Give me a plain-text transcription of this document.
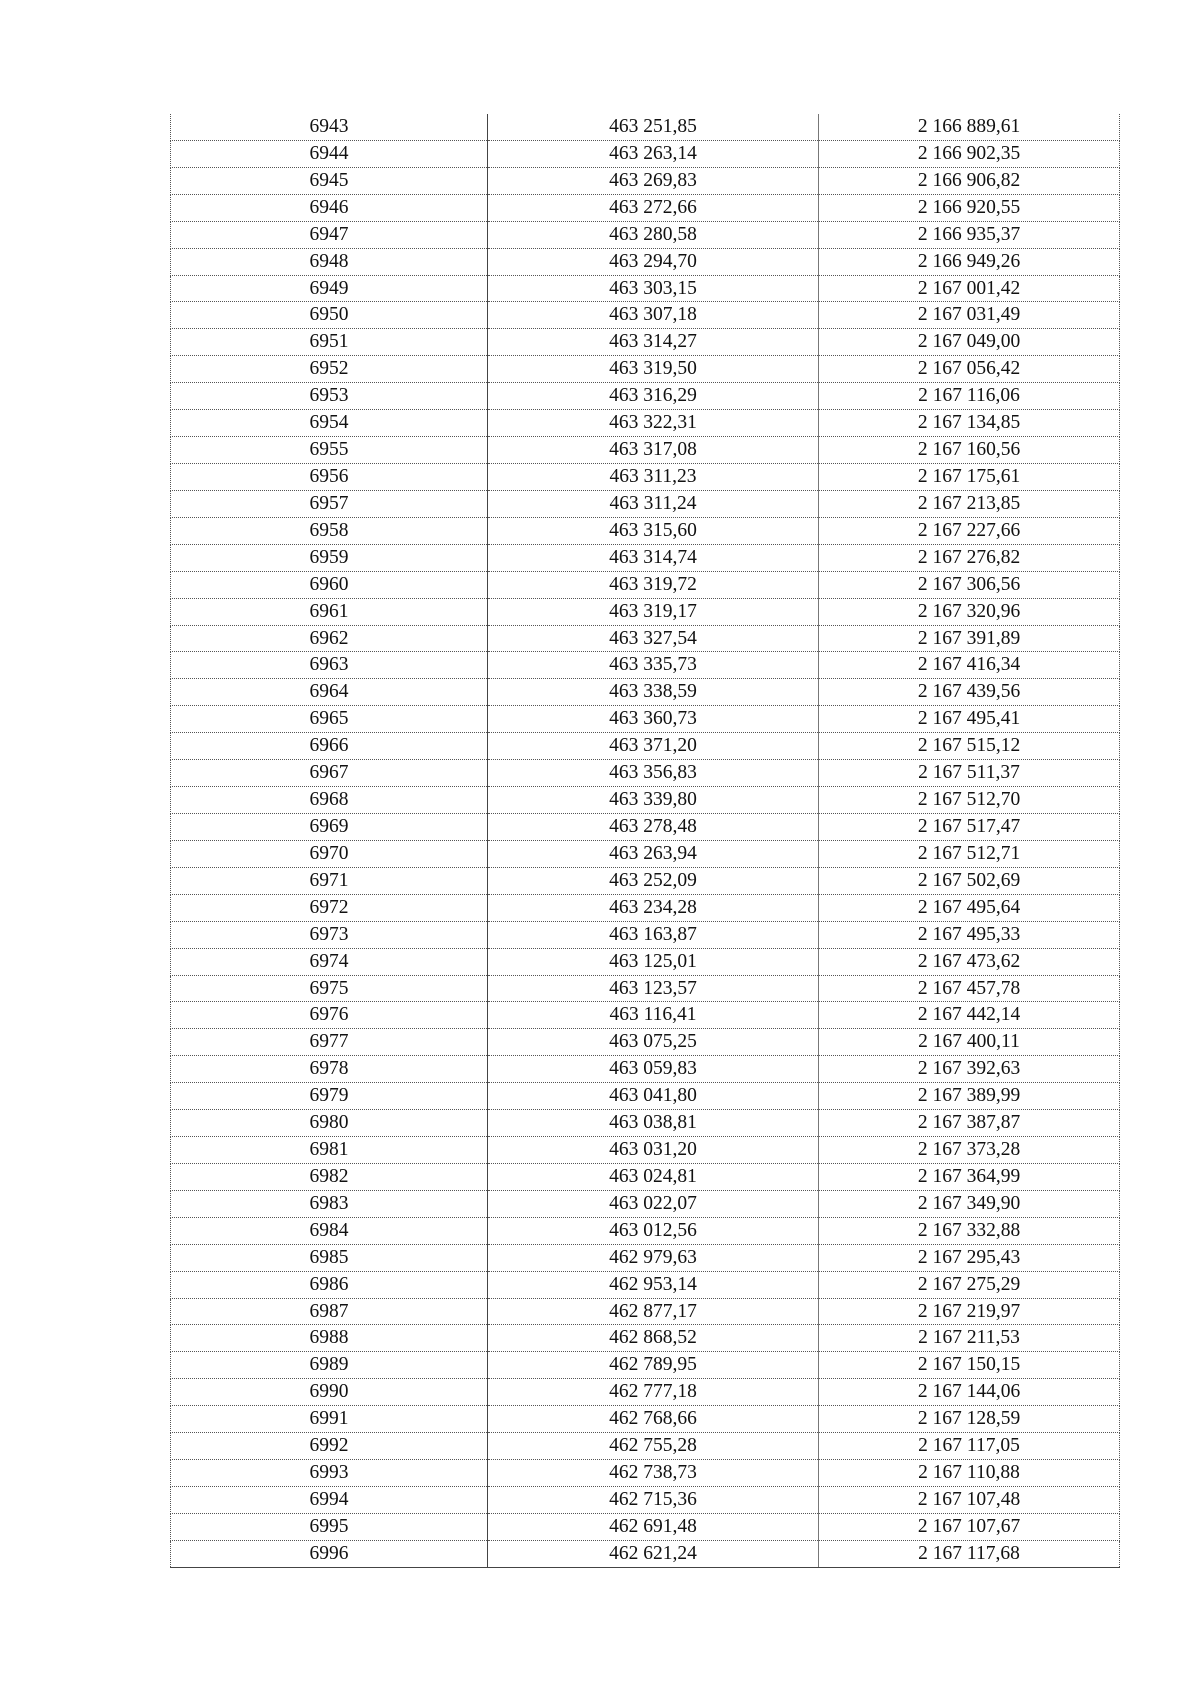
6943	463 251,85	2 166 889,61
6944	463 263,14	2 166 902,35
6945	463 269,83	2 166 906,82
6946	463 272,66	2 166 920,55
6947	463 280,58	2 166 935,37
6948	463 294,70	2 166 949,26
6949	463 303,15	2 167 001,42
6950	463 307,18	2 167 031,49
6951	463 314,27	2 167 049,00
6952	463 319,50	2 167 056,42
6953	463 316,29	2 167 116,06
6954	463 322,31	2 167 134,85
6955	463 317,08	2 167 160,56
6956	463 311,23	2 167 175,61
6957	463 311,24	2 167 213,85
6958	463 315,60	2 167 227,66
6959	463 314,74	2 167 276,82
6960	463 319,72	2 167 306,56
6961	463 319,17	2 167 320,96
6962	463 327,54	2 167 391,89
6963	463 335,73	2 167 416,34
6964	463 338,59	2 167 439,56
6965	463 360,73	2 167 495,41
6966	463 371,20	2 167 515,12
6967	463 356,83	2 167 511,37
6968	463 339,80	2 167 512,70
6969	463 278,48	2 167 517,47
6970	463 263,94	2 167 512,71
6971	463 252,09	2 167 502,69
6972	463 234,28	2 167 495,64
6973	463 163,87	2 167 495,33
6974	463 125,01	2 167 473,62
6975	463 123,57	2 167 457,78
6976	463 116,41	2 167 442,14
6977	463 075,25	2 167 400,11
6978	463 059,83	2 167 392,63
6979	463 041,80	2 167 389,99
6980	463 038,81	2 167 387,87
6981	463 031,20	2 167 373,28
6982	463 024,81	2 167 364,99
6983	463 022,07	2 167 349,90
6984	463 012,56	2 167 332,88
6985	462 979,63	2 167 295,43
6986	462 953,14	2 167 275,29
6987	462 877,17	2 167 219,97
6988	462 868,52	2 167 211,53
6989	462 789,95	2 167 150,15
6990	462 777,18	2 167 144,06
6991	462 768,66	2 167 128,59
6992	462 755,28	2 167 117,05
6993	462 738,73	2 167 110,88
6994	462 715,36	2 167 107,48
6995	462 691,48	2 167 107,67
6996	462 621,24	2 167 117,68
